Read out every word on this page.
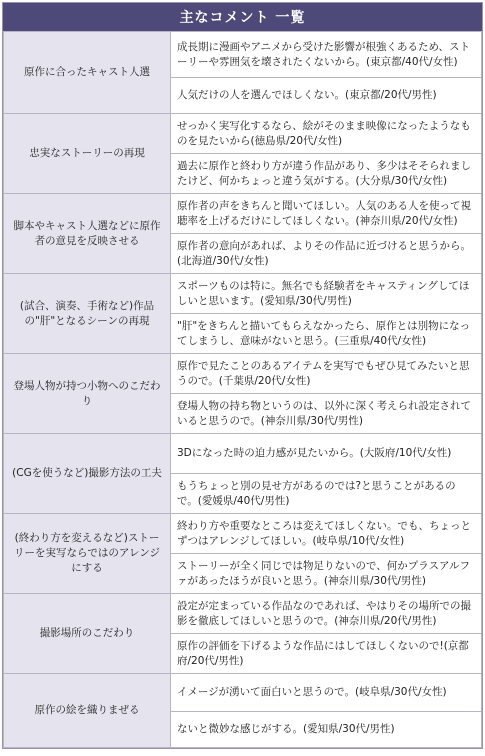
主なコメント 一覧
原作に合ったキャスト人選	成長期に漫画やアニメから受けた影響が根強くあるため、ストーリーや雰囲気を壊されたくないから。(東京都/40代/女性)
	人気だけの人を選んでほしくない。(東京都/20代/男性)
忠実なストーリーの再現	せっかく実写化するなら、絵がそのまま映像になったようなものを見たいから(徳島県/20代/女性)
	過去に原作と終わり方が違う作品があり、多少はそそられましたけど、何かちょっと違う気がする。(大分県/30代/女性)
脚本やキャスト人選などに原作者の意見を反映させる	原作者の声をきちんと聞いてほしい。人気のある人を使って視聴率を上げるだけにしてほしくない。(神奈川県/20代/女性)
	原作者の意向があれば、よりその作品に近づけると思うから。(北海道/30代/女性)
(試合、演奏、手術など)作品の"肝"となるシーンの再現	スポーツものは特に。無名でも経験者をキャスティングしてほしいと思います。(愛知県/30代/男性)
	"肝"をきちんと描いてもらえなかったら、原作とは別物になってしまうし、意味がないと思う。(三重県/40代/女性)
登場人物が持つ小物へのこだわり	原作で見たことのあるアイテムを実写でもぜひ見てみたいと思うので。(千葉県/20代/女性)
	登場人物の持ち物というのは、以外に深く考えられ設定されていると思うので。(神奈川県/30代/男性)
(CGを使うなど)撮影方法の工夫	3Dになった時の迫力感が見たいから。(大阪府/10代/女性)
	もうちょっと別の見せ方があるのでは?と思うことがあるので。(愛媛県/40代/男性)
(終わり方を変えるなど)ストーリーを実写ならではのアレンジにする	終わり方や重要なところは変えてほしくない。でも、ちょっとずつはアレンジしてほしい。(岐阜県/10代/女性)
	ストーリーが全く同じでは物足りないので、何かプラスアルファがあったほうが良いと思う。(神奈川県/30代/男性)
撮影場所のこだわり	設定が定まっている作品なのであれば、やはりその場所での撮影を徹底してほしいと思うので。(神奈川県/20代/男性)
	原作の評価を下げるような作品にはしてほしくないので!(京都府/20代/男性)
原作の絵を織りまぜる	イメージが湧いて面白いと思うので。(岐阜県/30代/女性)
	ないと微妙な感じがする。(愛知県/30代/男性)
